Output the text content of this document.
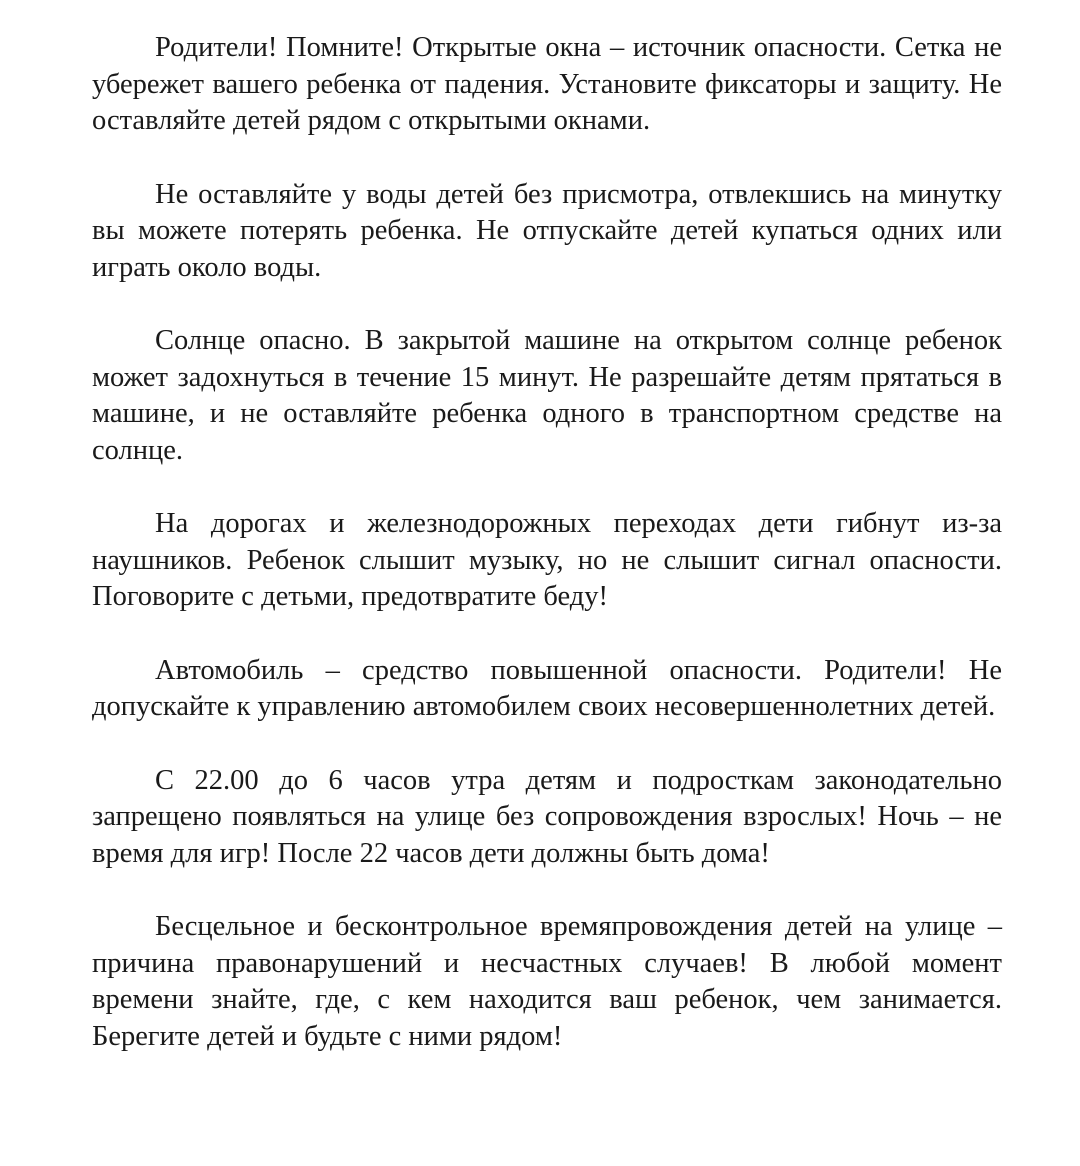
Родители! Помните! Открытые окна – источник опасности. Сетка не убережет вашего ребенка от падения. Установите фиксаторы и защиту. Не оставляйте детей рядом с открытыми окнами.

Не оставляйте у воды детей без присмотра, отвлекшись на минутку вы можете потерять ребенка. Не отпускайте детей купаться одних или играть около воды.

Солнце опасно. В закрытой машине на открытом солнце ребенок может задохнуться в течение 15 минут. Не разрешайте детям прятаться в машине, и не оставляйте ребенка одного в транспортном средстве на солнце.

На дорогах и железнодорожных переходах дети гибнут из-за наушников. Ребенок слышит музыку, но не слышит сигнал опасности. Поговорите с детьми, предотвратите беду!

Автомобиль – средство повышенной опасности. Родители! Не допускайте к управлению автомобилем своих несовершеннолетних детей.

С 22.00 до 6 часов утра детям и подросткам законодательно запрещено появляться на улице без сопровождения взрослых! Ночь – не время для игр! После 22 часов дети должны быть дома!

Бесцельное и бесконтрольное времяпровождения детей на улице – причина правонарушений и несчастных случаев! В любой момент времени знайте, где, с кем находится ваш ребенок, чем занимается. Берегите детей и будьте с ними рядом!
